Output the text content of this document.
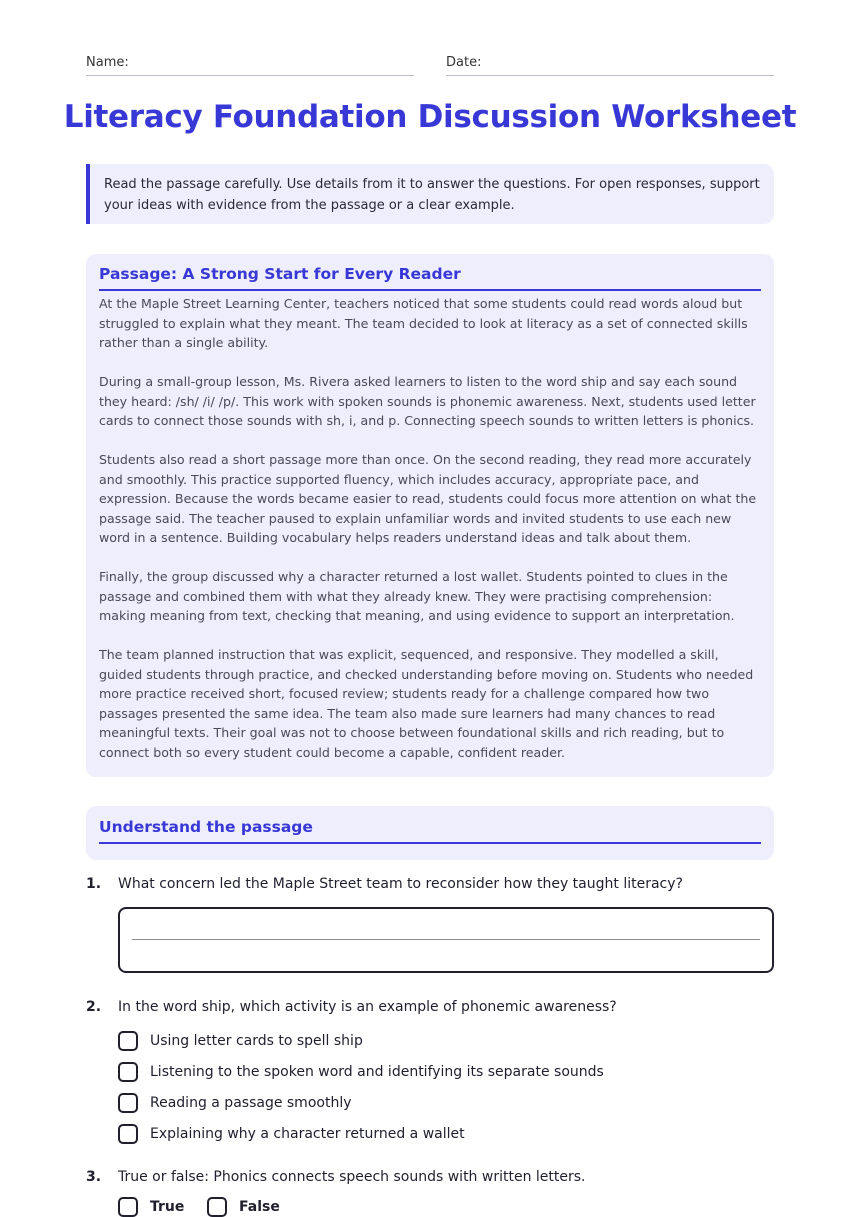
Name:	Date:
Literacy Foundation Discussion Worksheet
Read the passage carefully. Use details from it to answer the questions. For open responses, support your ideas with evidence from the passage or a clear example.
Passage: A Strong Start for Every Reader

At the Maple Street Learning Center, teachers noticed that some students could read words aloud but struggled to explain what they meant. The team decided to look at literacy as a set of connected skills rather than a single ability.

During a small-group lesson, Ms. Rivera asked learners to listen to the word ship and say each sound they heard: /sh/ /i/ /p/. This work with spoken sounds is phonemic awareness. Next, students used letter cards to connect those sounds with sh, i, and p. Connecting speech sounds to written letters is phonics.

Students also read a short passage more than once. On the second reading, they read more accurately and smoothly. This practice supported fluency, which includes accuracy, appropriate pace, and expression. Because the words became easier to read, students could focus more attention on what the passage said. The teacher paused to explain unfamiliar words and invited students to use each new word in a sentence. Building vocabulary helps readers understand ideas and talk about them.

Finally, the group discussed why a character returned a lost wallet. Students pointed to clues in the passage and combined them with what they already knew. They were practising comprehension: making meaning from text, checking that meaning, and using evidence to support an interpretation.

The team planned instruction that was explicit, sequenced, and responsive. They modelled a skill, guided students through practice, and checked understanding before moving on. Students who needed more practice received short, focused review; students ready for a challenge compared how two passages presented the same idea. The team also made sure learners had many chances to read meaningful texts. Their goal was not to choose between foundational skills and rich reading, but to connect both so every student could become a capable, confident reader.

Understand the passage
1. What concern led the Maple Street team to reconsider how they taught literacy?
2. In the word ship, which activity is an example of phonemic awareness?
Using letter cards to spell ship
Listening to the spoken word and identifying its separate sounds
Reading a passage smoothly
Explaining why a character returned a wallet
3. True or false: Phonics connects speech sounds with written letters.
True	False
